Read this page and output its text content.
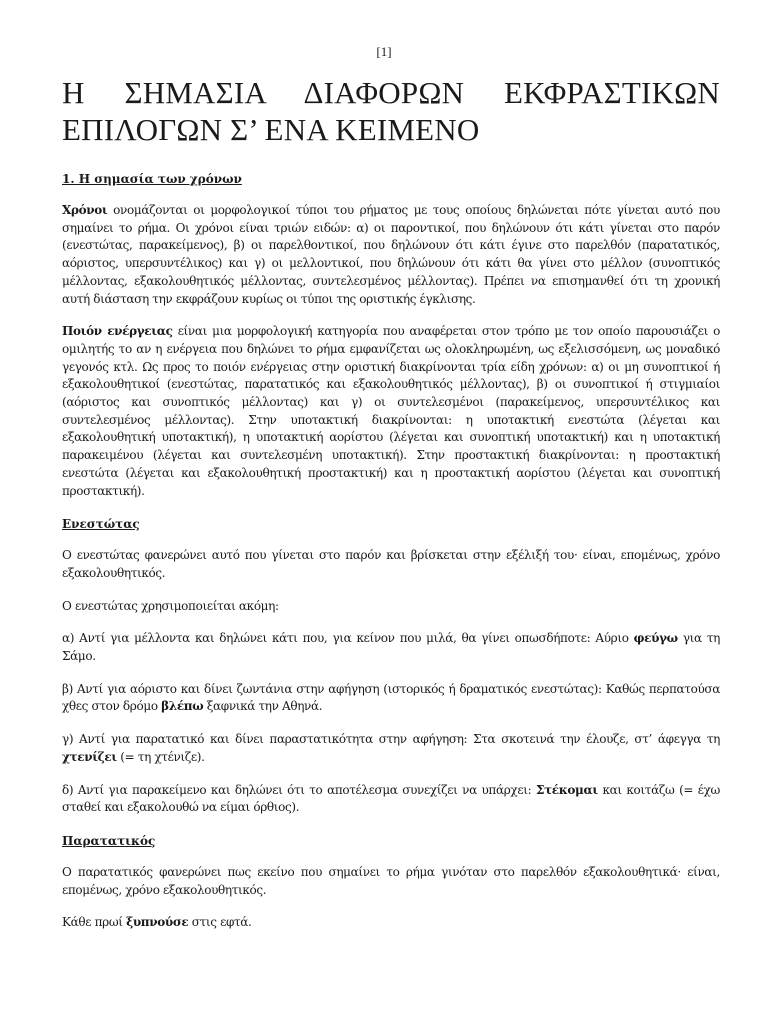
[1]
Η ΣΗΜΑΣΙΑ ΔΙΑΦΟΡΩΝ ΕΚΦΡΑΣΤΙΚΩΝ
ΕΠΙΛΟΓΩΝ Σ’ ΕΝΑ ΚΕΙΜΕΝΟ
1. Η σημασία των χρόνων

Χρόνοι ονομάζονται οι μορφολογικοί τύποι του ρήματος με τους οποίους δηλώνεται πότε γίνεται αυτό που σημαίνει το ρήμα. Οι χρόνοι είναι τριών ειδών: α) οι παροντικοί, που δηλώνουν ότι κάτι γίνεται στο παρόν (ενεστώτας, παρακείμενος), β) οι παρελθοντικοί, που δηλώνουν ότι κάτι έγινε στο παρελθόν (παρατατικός, αόριστος, υπερσυντέλικος) και γ) οι μελλοντικοί, που δηλώνουν ότι κάτι θα γίνει στο μέλλον (συνοπτικός μέλλοντας, εξακολουθητικός μέλλοντας, συντελεσμένος μέλλοντας). Πρέπει να επισημανθεί ότι τη χρονική αυτή διάσταση την εκφράζουν κυρίως οι τύποι της οριστικής έγκλισης.

Ποιόν ενέργειας είναι μια μορφολογική κατηγορία που αναφέρεται στον τρόπο με τον οποίο παρουσιάζει ο ομιλητής το αν η ενέργεια που δηλώνει το ρήμα εμφανίζεται ως ολοκληρωμένη, ως εξελισσόμενη, ως μοναδικό γεγονός κτλ. Ως προς το ποιόν ενέργειας στην οριστική διακρίνονται τρία είδη χρόνων: α) οι μη συνοπτικοί ή εξακολουθητικοί (ενεστώτας, παρατατικός και εξακολουθητικός μέλλοντας), β) οι συνοπτικοί ή στιγμιαίοι (αόριστος και συνοπτικός μέλλοντας) και γ) οι συντελεσμένοι (παρακείμενος, υπερσυντέλικος και συντελεσμένος μέλλοντας). Στην υποτακτική διακρίνονται: η υποτακτική ενεστώτα (λέγεται και εξακολουθητική υποτακτική), η υποτακτική αορίστου (λέγεται και συνοπτική υποτακτική) και η υποτακτική παρακειμένου (λέγεται και συντελεσμένη υποτακτική). Στην προστακτική διακρίνονται: η προστακτική ενεστώτα (λέγεται και εξακολουθητική προστακτική) και η προστακτική αορίστου (λέγεται και συνοπτική προστακτική).

Ενεστώτας

Ο ενεστώτας φανερώνει αυτό που γίνεται στο παρόν και βρίσκεται στην εξέλιξή του· είναι, επομένως, χρόνο εξακολουθητικός.

Ο ενεστώτας χρησιμοποιείται ακόμη:

α) Αντί για μέλλοντα και δηλώνει κάτι που, για κείνον που μιλά, θα γίνει οπωσδήποτε: Αύριο φεύγω για τη Σάμο.

β) Αντί για αόριστο και δίνει ζωντάνια στην αφήγηση (ιστορικός ή δραματικός ενεστώτας): Καθώς περπατούσα χθες στον δρόμο βλέπω ξαφνικά την Αθηνά.

γ) Αντί για παρατατικό και δίνει παραστατικότητα στην αφήγηση: Στα σκοτεινά την έλουζε, στ’ άφεγγα τη χτενίζει (= τη χτένιζε).

δ) Αντί για παρακείμενο και δηλώνει ότι το αποτέλεσμα συνεχίζει να υπάρχει: Στέκομαι και κοιτάζω (= έχω σταθεί και εξακολουθώ να είμαι όρθιος).

Παρατατικός

Ο παρατατικός φανερώνει πως εκείνο που σημαίνει το ρήμα γινόταν στο παρελθόν εξακολουθητικά· είναι, επομένως, χρόνο εξακολουθητικός.

Κάθε πρωί ξυπνούσε στις εφτά.
